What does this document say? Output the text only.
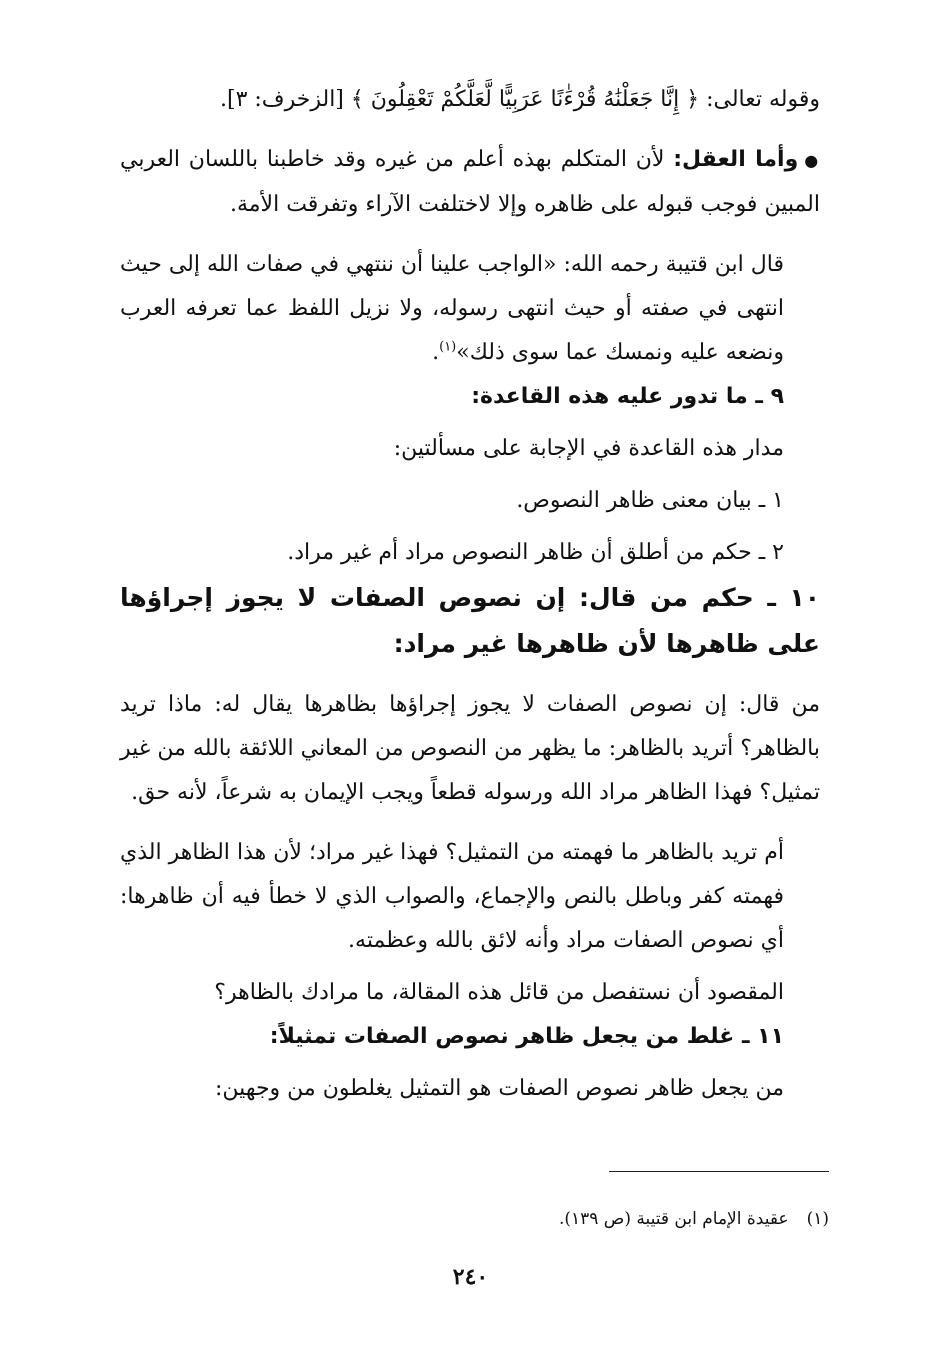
وقوله تعالى: ﴿ إِنَّا جَعَلْنَٰهُ قُرْءَٰنًا عَرَبِيًّا لَّعَلَّكُمْ تَعْقِلُونَ ﴾ [الزخرف: ٣].

●وأما العقل: لأن المتكلم بهذه أعلم من غيره وقد خاطبنا باللسان العربي المبين فوجب قبوله على ظاهره وإلا لاختلفت الآراء وتفرقت الأمة.

قال ابن قتيبة رحمه الله: «الواجب علينا أن ننتهي في صفات الله إلى حيث انتهى في صفته أو حيث انتهى رسوله، ولا نزيل اللفظ عما تعرفه العرب ونضعه عليه ونمسك عما سوى ذلك»$^{(١)}$.

٩ ـ ما تدور عليه هذه القاعدة:

مدار هذه القاعدة في الإجابة على مسألتين:

١ ـ بيان معنى ظاهر النصوص.

٢ ـ حكم من أطلق أن ظاهر النصوص مراد أم غير مراد.

١٠ ـ حكم من قال: إن نصوص الصفات لا يجوز إجراؤها على ظاهرها لأن ظاهرها غير مراد:

من قال: إن نصوص الصفات لا يجوز إجراؤها بظاهرها يقال له: ماذا تريد بالظاهر؟ أتريد بالظاهر: ما يظهر من النصوص من المعاني اللائقة بالله من غير تمثيل؟ فهذا الظاهر مراد الله ورسوله قطعاً ويجب الإيمان به شرعاً، لأنه حق.

أم تريد بالظاهر ما فهمته من التمثيل؟ فهذا غير مراد؛ لأن هذا الظاهر الذي فهمته كفر وباطل بالنص والإجماع، والصواب الذي لا خطأ فيه أن ظاهرها: أي نصوص الصفات مراد وأنه لائق بالله وعظمته.

المقصود أن نستفصل من قائل هذه المقالة، ما مرادك بالظاهر؟

١١ ـ غلط من يجعل ظاهر نصوص الصفات تمثيلاً:

من يجعل ظاهر نصوص الصفات هو التمثيل يغلطون من وجهين:

(١)عقيدة الإمام ابن قتيبة (ص ١٣٩).
٢٤٠
